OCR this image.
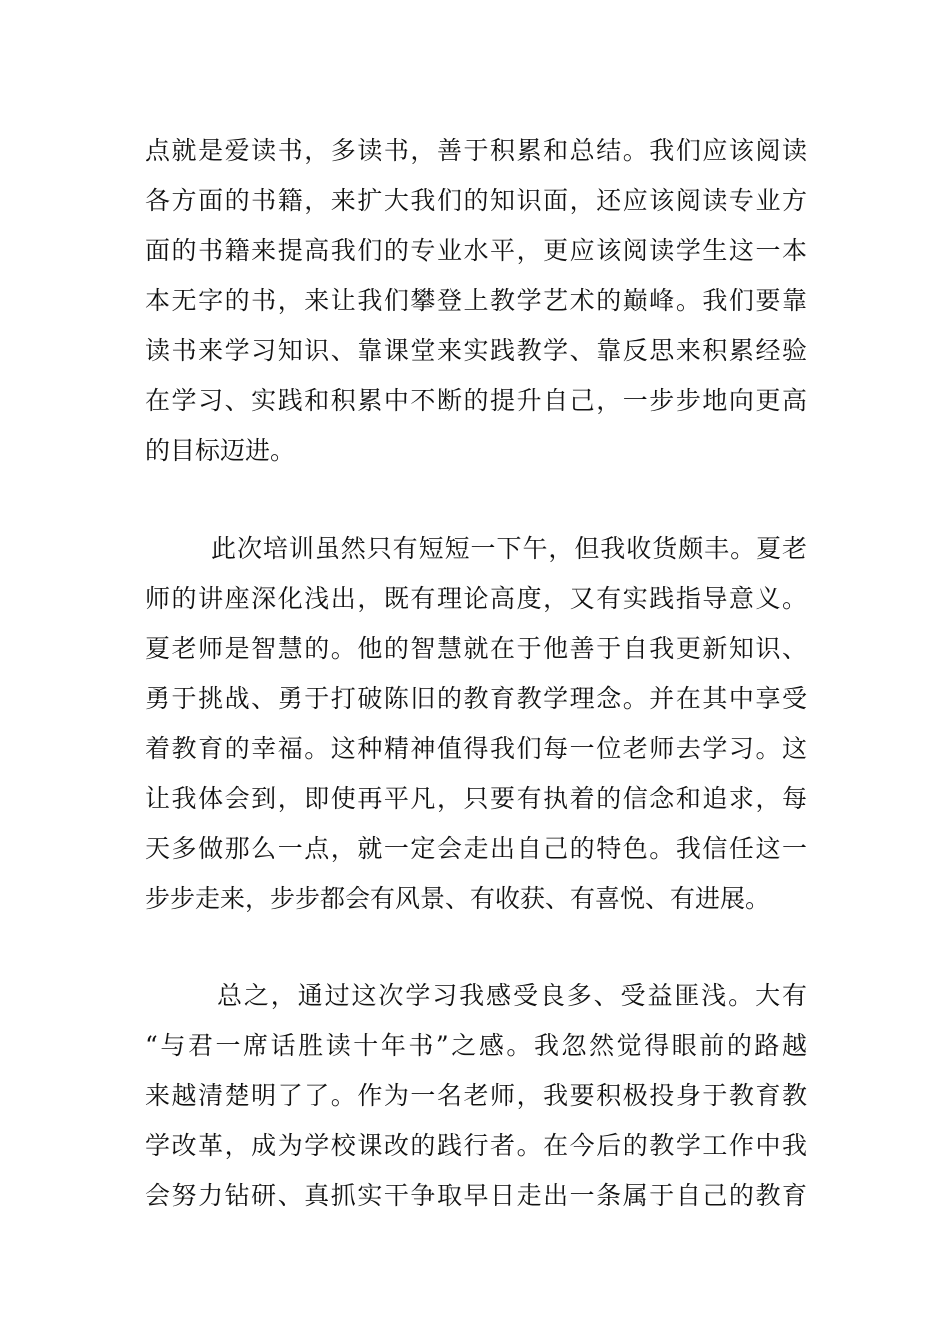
点就是爱读书，多读书，善于积累和总结。我们应该阅读
各方面的书籍，来扩大我们的知识面，还应该阅读专业方
面的书籍来提高我们的专业水平，更应该阅读学生这一本
本无字的书，来让我们攀登上教学艺术的巅峰。我们要靠
读书来学习知识、靠课堂来实践教学、靠反思来积累经验
在学习、实践和积累中不断的提升自己，一步步地向更高
的目标迈进。
此次培训虽然只有短短一下午，但我收货颇丰。夏老
师的讲座深化浅出，既有理论高度，又有实践指导意义。
夏老师是智慧的。他的智慧就在于他善于自我更新知识、
勇于挑战、勇于打破陈旧的教育教学理念。并在其中享受
着教育的幸福。这种精神值得我们每一位老师去学习。这
让我体会到，即使再平凡，只要有执着的信念和追求，每
天多做那么一点，就一定会走出自己的特色。我信任这一
步步走来，步步都会有风景、有收获、有喜悦、有进展。
总之，通过这次学习我感受良多、受益匪浅。大有
“与君一席话胜读十年书”之感。我忽然觉得眼前的路越
来越清楚明了了。作为一名老师，我要积极投身于教育教
学改革，成为学校课改的践行者。在今后的教学工作中我
会努力钻研、真抓实干争取早日走出一条属于自己的教育
